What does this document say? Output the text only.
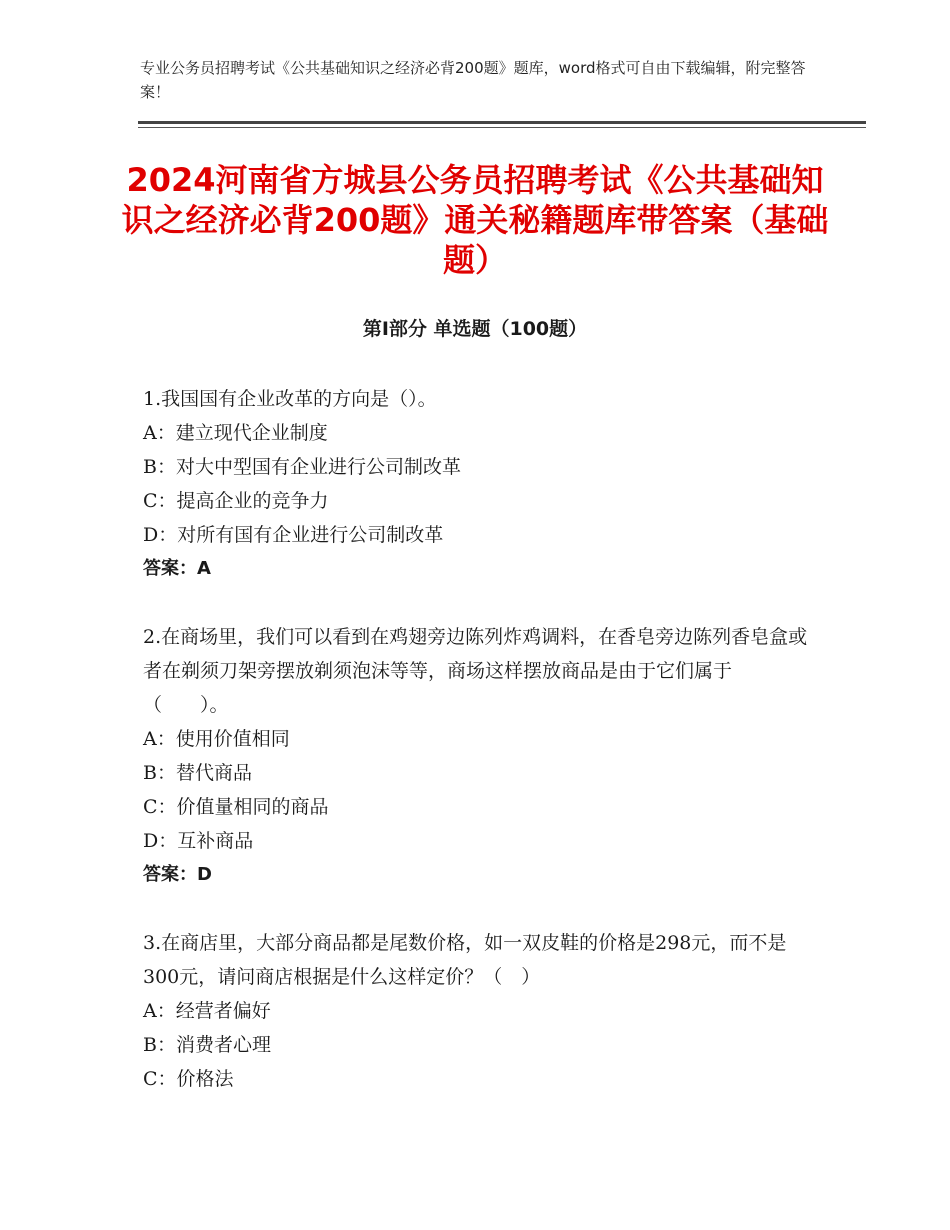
专业公务员招聘考试《公共基础知识之经济必背200题》题库，word格式可自由下载编辑，附完整答案！
2024河南省方城县公务员招聘考试《公共基础知识之经济必背200题》通关秘籍题库带答案（基础题）
第Ⅰ部分 单选题（100题）

1.我国国有企业改革的方向是（）。

A：建立现代企业制度

B：对大中型国有企业进行公司制改革

C：提高企业的竞争力

D：对所有国有企业进行公司制改革

答案：A

2.在商场里，我们可以看到在鸡翅旁边陈列炸鸡调料，在香皂旁边陈列香皂盒或者在剃须刀架旁摆放剃须泡沫等等，商场这样摆放商品是由于它们属于（　　）。

A：使用价值相同

B：替代商品

C：价值量相同的商品

D：互补商品

答案：D

3.在商店里，大部分商品都是尾数价格，如一双皮鞋的价格是298元，而不是300元，请问商店根据是什么这样定价？（　）

A：经营者偏好

B：消费者心理

C：价格法
